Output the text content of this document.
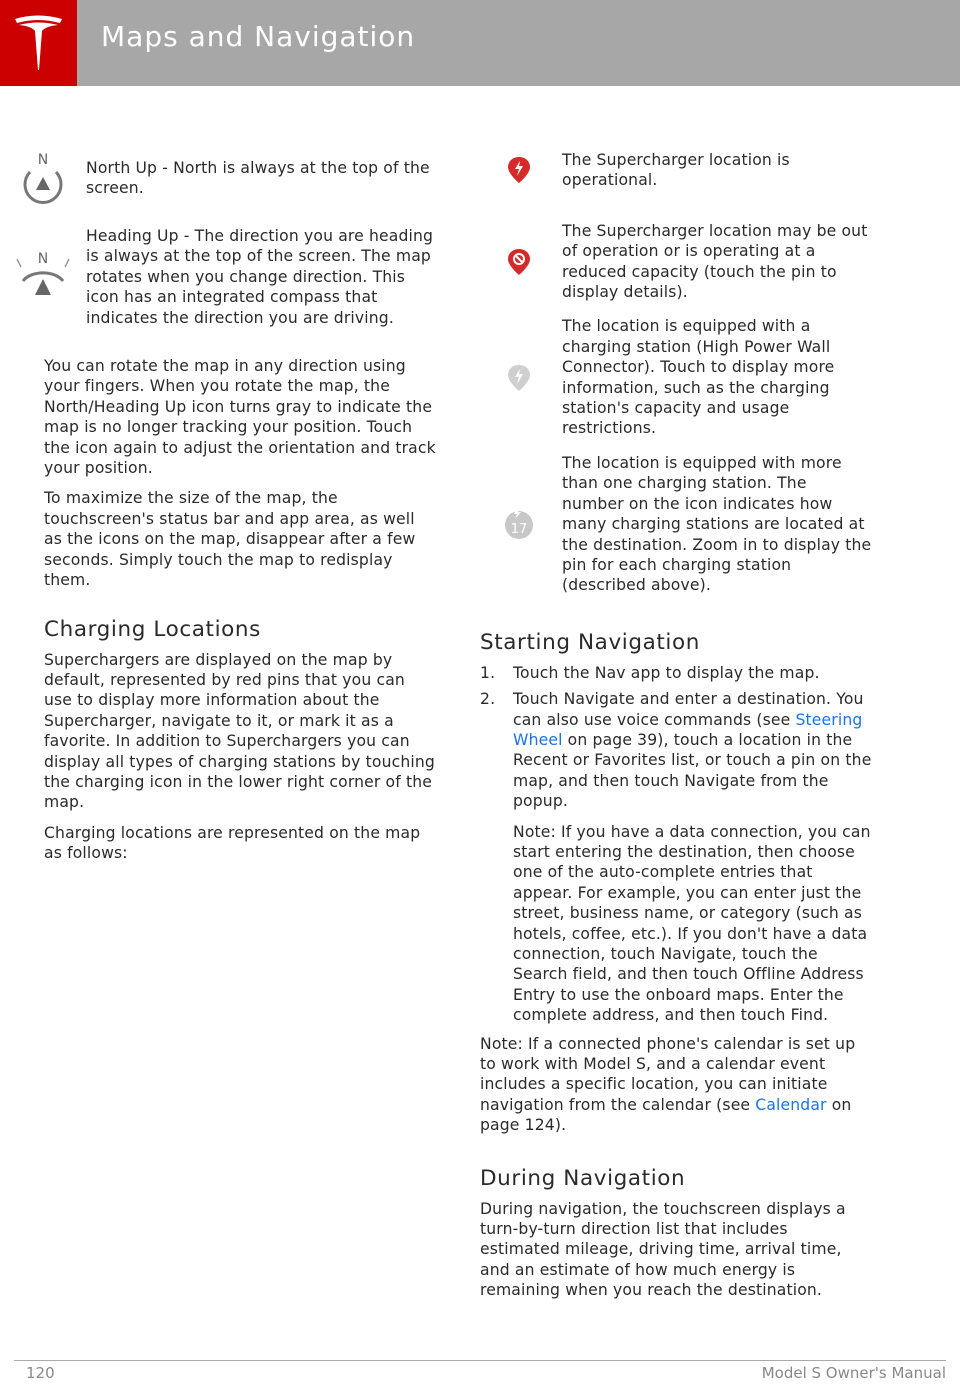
Maps and Navigation
N North Up - North is always at the top of the screen.
N
Heading Up - The direction you are heading is always at the top of the screen. The map rotates when you change direction. This icon has an integrated compass that indicates the direction you are driving.

You can rotate the map in any direction using your fingers. When you rotate the map, the North/Heading Up icon turns gray to indicate the map is no longer tracking your position. Touch the icon again to adjust the orientation and track your position.

To maximize the size of the map, the touchscreen's status bar and app area, as well as the icons on the map, disappear after a few seconds. Simply touch the map to redisplay them.

Charging Locations

Superchargers are displayed on the map by default, represented by red pins that you can use to display more information about the Supercharger, navigate to it, or mark it as a favorite. In addition to Superchargers you can display all types of charging stations by touching the charging icon in the lower right corner of the map.

Charging locations are represented on the map as follows:

The Supercharger location is operational.
The Supercharger location may be out of operation or is operating at a reduced capacity (touch the pin to display details).
The location is equipped with a charging station (High Power Wall Connector). Touch to display more information, such as the charging station's capacity and usage restrictions.
17
The location is equipped with more than one charging station. The number on the icon indicates how many charging stations are located at the destination. Zoom in to display the pin for each charging station (described above).
Starting Navigation
1. Touch the Nav app to display the map.
2. Touch Navigate and enter a destination. You can also use voice commands (see Steering Wheel on page 39), touch a location in the Recent or Favorites list, or touch a pin on the map, and then touch Navigate from the popup.
Note: If you have a data connection, you can start entering the destination, then choose one of the auto-complete entries that appear. For example, you can enter just the street, business name, or category (such as hotels, coffee, etc.). If you don't have a data connection, touch Navigate, touch the Search field, and then touch Offline Address Entry to use the onboard maps. Enter the complete address, and then touch Find.

Note: If a connected phone's calendar is set up to work with Model S, and a calendar event includes a specific location, you can initiate navigation from the calendar (see Calendar on page 124).

During Navigation

During navigation, the touchscreen displays a turn-by-turn direction list that includes estimated mileage, driving time, arrival time, and an estimate of how much energy is remaining when you reach the destination.

120	Model S Owner's Manual
